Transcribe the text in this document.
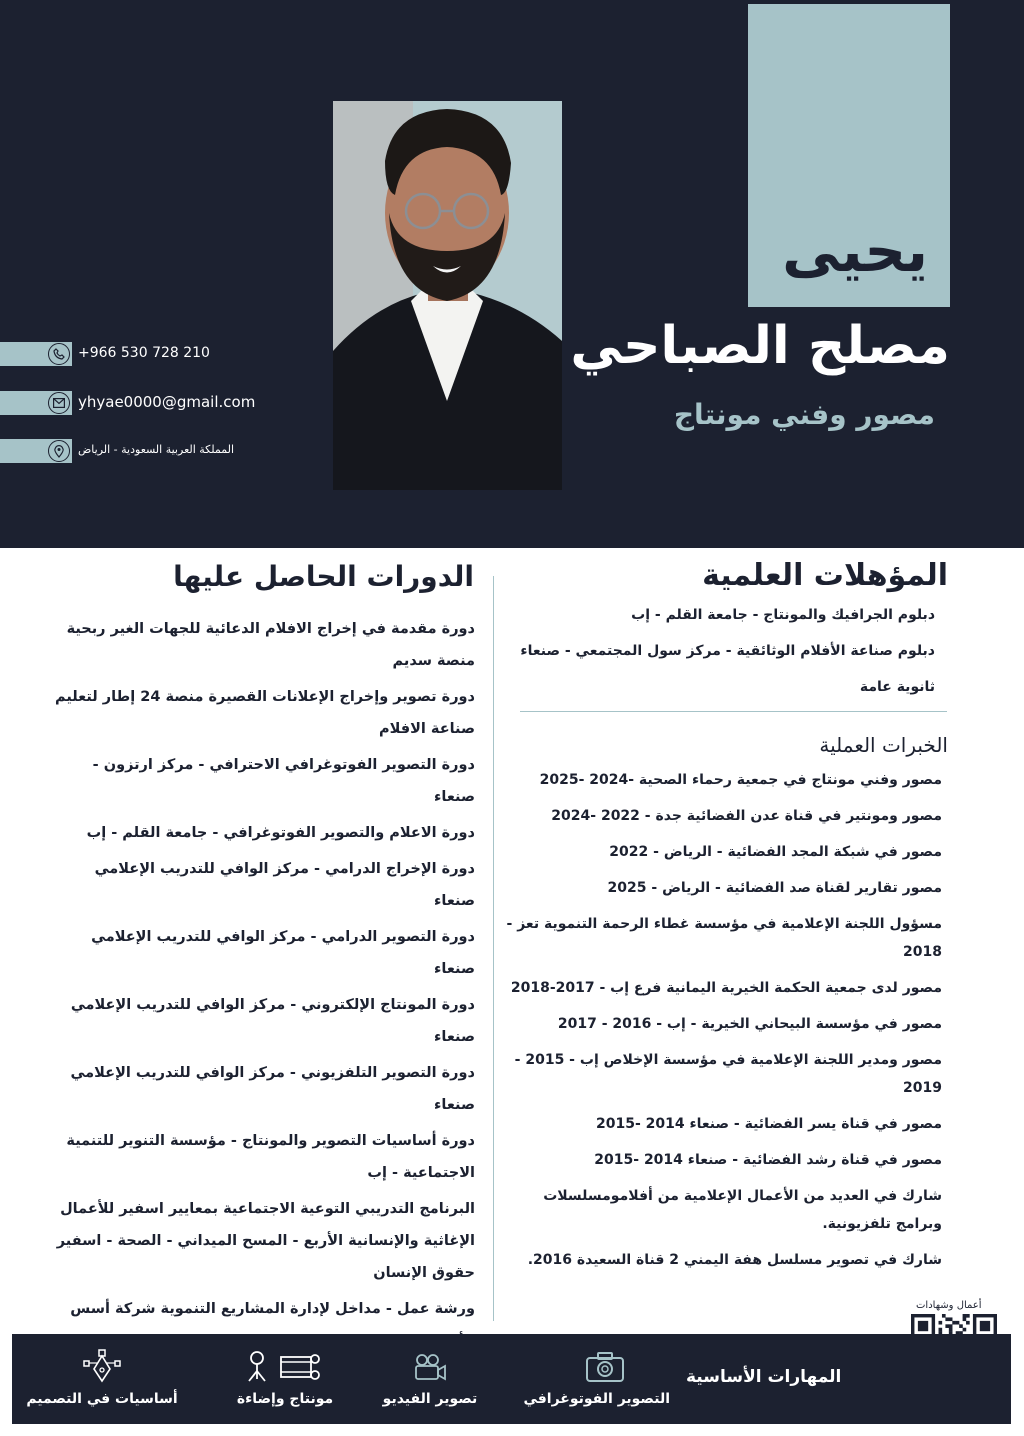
يحيى
مصلح الصباحي
مصور وفني مونتاج
+966 530 728 210
yhyae0000@gmail.com
المملكة العربية السعودية - الرياض
المؤهلات العلمية

دبلوم الجرافيك والمونتاج - جامعة القلم - إب

دبلوم صناعة الأفلام الوثائقية - مركز سول المجتمعي - صنعاء

ثانوية عامة

الخبرات العملية

مصور وفني مونتاج في جمعية رحماء الصحية -2024 -2025

مصور ومونتير في قناة عدن الفضائية جدة - 2022 -2024

مصور في شبكة المجد الفضائية - الرياض - 2022

مصور تقارير لقناة صد الفضائية - الرياض - 2025

مسؤول اللجنة الإعلامية في مؤسسة غطاء الرحمة التنموية تعز - 2018

مصور لدى جمعية الحكمة الخيرية اليمانية فرع إب - 2017-2018

مصور في مؤسسة البيحاني الخيرية - إب - 2016 - 2017

مصور ومدير اللجنة الإعلامية في مؤسسة الإخلاص إب - 2015 - 2019

مصور في قناة يسر الفضائية - صنعاء 2014 -2015

مصور في قناة رشد الفضائية - صنعاء 2014 -2015

شارك في العديد من الأعمال الإعلامية من أفلامومسلسلات وبرامج تلفزيونية.

شارك في تصوير مسلسل هفة اليمني 2 قناة السعيدة 2016.

الدورات الحاصل عليها

دورة مقدمة في إخراج الافلام الدعائية للجهات الغير ربحية منصة سديم

دورة تصوير وإخراج الإعلانات القصيرة منصة 24 إطار لتعليم صناعة الافلام

دورة التصوير الفوتوغرافي الاحترافي - مركز ارتزون - صنعاء

دورة الاعلام والتصوير الفوتوغرافي - جامعة القلم - إب

دورة الإخراج الدرامي - مركز الوافي للتدريب الإعلامي صنعاء

دورة التصوير الدرامي - مركز الوافي للتدريب الإعلامي صنعاء

دورة المونتاج الإلكتروني - مركز الوافي للتدريب الإعلامي صنعاء

دورة التصوير التلفزيوني - مركز الوافي للتدريب الإعلامي صنعاء

دورة أساسيات التصوير والمونتاج - مؤسسة التنوير للتنمية الاجتماعية - إب

البرنامج التدريبي التوعية الاجتماعية بمعايير اسفير للأعمال الإغاثية والإنسانية الأربع - المسح الميداني - الصحة - اسفير حقوق الإنسان

ورشة عمل - مداخل لإدارة المشاريع التنموية شركة أسس	أعمال وشهادات
المهارات الأساسية
التصوير الفوتوغرافي
تصوير الفيديو
مونتاج وإضاءة
أساسيات في التصميم
